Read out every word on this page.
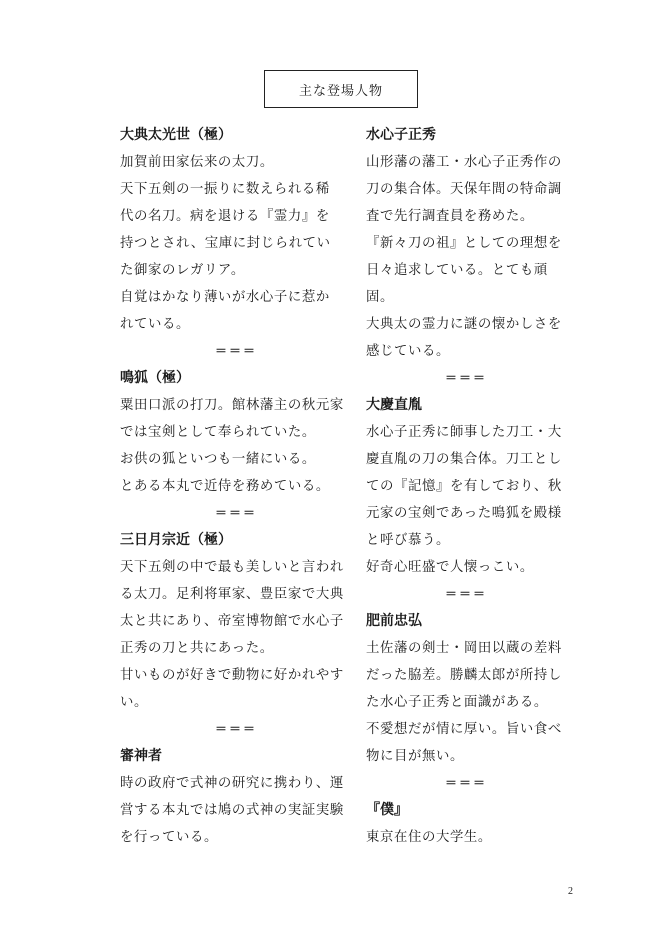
主な登場人物
大典太光世（極）

加賀前田家伝来の太刀。

天下五剣の一振りに数えられる稀

代の名刀。病を退ける『霊力』を

持つとされ、宝庫に封じられてい

た御家のレガリア。

自覚はかなり薄いが水心子に惹か

れている。

＝＝＝
鳴狐（極）

粟田口派の打刀。館林藩主の秋元家

では宝剣として奉られていた。

お供の狐といつも一緒にいる。

とある本丸で近侍を務めている。

＝＝＝
三日月宗近（極）

天下五剣の中で最も美しいと言われ

る太刀。足利将軍家、豊臣家で大典

太と共にあり、帝室博物館で水心子

正秀の刀と共にあった。

甘いものが好きで動物に好かれやす

い。

＝＝＝
審神者

時の政府で式神の研究に携わり、運

営する本丸では鳩の式神の実証実験

を行っている。

水心子正秀

山形藩の藩工・水心子正秀作の

刀の集合体。天保年間の特命調

査で先行調査員を務めた。

『新々刀の祖』としての理想を

日々追求している。とても頑固。

大典太の霊力に謎の懐かしさを

感じている。

＝＝＝
大慶直胤

水心子正秀に師事した刀工・大

慶直胤の刀の集合体。刀工とし

ての『記憶』を有しており、秋

元家の宝剣であった鳴狐を殿様

と呼び慕う。

好奇心旺盛で人懐っこい。

＝＝＝
肥前忠弘

土佐藩の剣士・岡田以蔵の差料

だった脇差。勝麟太郎が所持し

た水心子正秀と面識がある。

不愛想だが情に厚い。旨い食べ

物に目が無い。

＝＝＝
『僕』

東京在住の大学生。

2
